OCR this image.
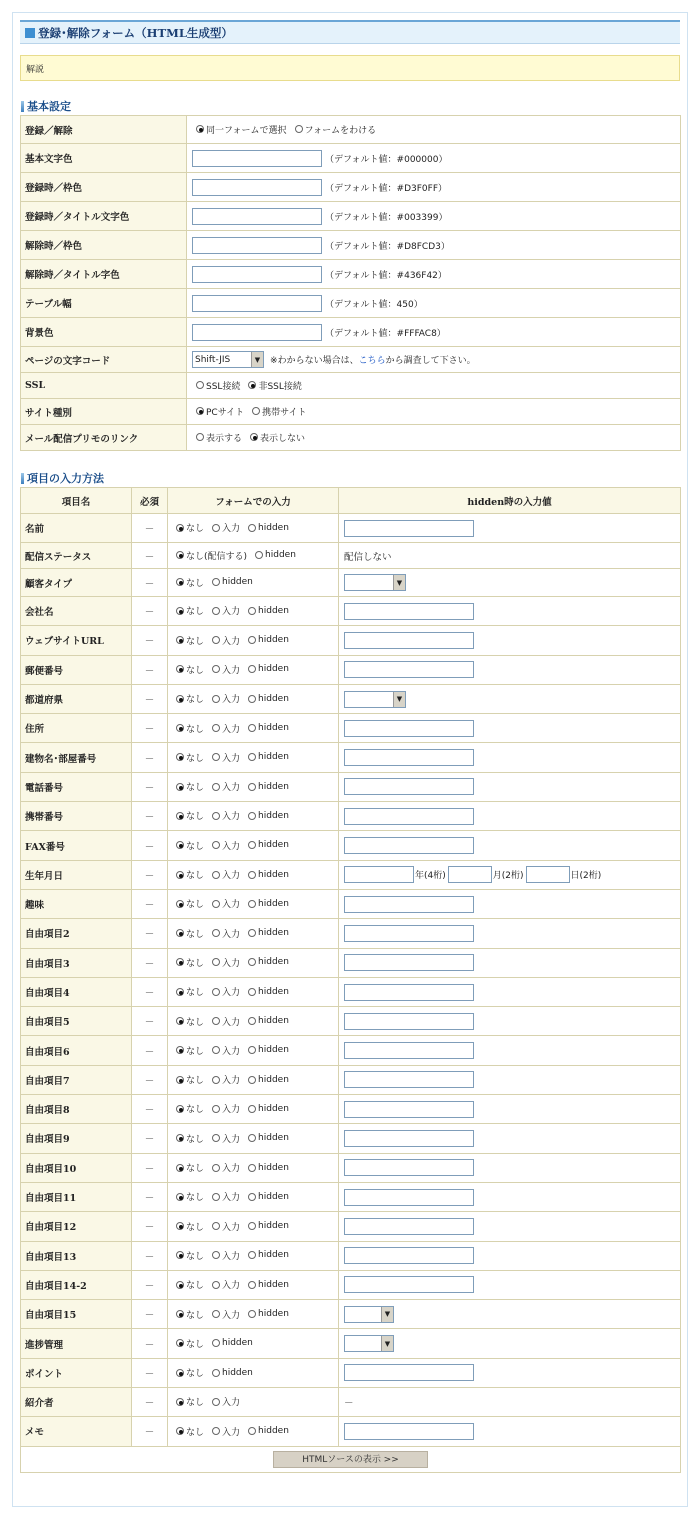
登録･解除フォーム（HTML生成型）
解説
基本設定
登録／解除	同一フォームで選択 フォームをわける

基本文字色	（デフォルト値：#000000）
登録時／枠色	（デフォルト値：#D3F0FF）
登録時／タイトル文字色	（デフォルト値：#003399）
解除時／枠色	（デフォルト値：#D8FCD3）
解除時／タイトル字色	（デフォルト値：#436F42）
テーブル幅	（デフォルト値：450）
背景色	（デフォルト値：#FFFAC8）
ページの文字コード	Shift-JIS ▼ ※わからない場合は、こちらから調査して下さい。
SSL	SSL接続 非SSL接続

サイト種別	PCサイト 携帯サイト

メール配信プリモのリンク	表示する 表示しない
項目の入力方法
項目名	必須	フォームでの入力	hidden時の入力値
名前	－	なし 入力 hidden	

配信ステータス	－	なし(配信する) hidden	配信しない
顧客タイプ	－	なし hidden	▼

会社名	－	なし 入力 hidden	

ウェブサイトURL	－	なし 入力 hidden	

郵便番号	－	なし 入力 hidden	

都道府県	－	なし 入力 hidden	▼

住所	－	なし 入力 hidden	

建物名･部屋番号	－	なし 入力 hidden	

電話番号	－	なし 入力 hidden	

携帯番号	－	なし 入力 hidden	

FAX番号	－	なし 入力 hidden	

生年月日	－	なし 入力 hidden	年(4桁) 月(2桁) 日(2桁)
趣味	－	なし 入力 hidden	

自由項目2	－	なし 入力 hidden	

自由項目3	－	なし 入力 hidden	

自由項目4	－	なし 入力 hidden	

自由項目5	－	なし 入力 hidden	

自由項目6	－	なし 入力 hidden	

自由項目7	－	なし 入力 hidden	

自由項目8	－	なし 入力 hidden	

自由項目9	－	なし 入力 hidden	

自由項目10	－	なし 入力 hidden	

自由項目11	－	なし 入力 hidden	

自由項目12	－	なし 入力 hidden	

自由項目13	－	なし 入力 hidden	

自由項目14-2	－	なし 入力 hidden	

自由項目15	－	なし 入力 hidden	▼

進捗管理	－	なし hidden	▼

ポイント	－	なし hidden	

紹介者	－	なし 入力	－
メモ	－	なし 入力 hidden	

HTMLソースの表示 >>			
